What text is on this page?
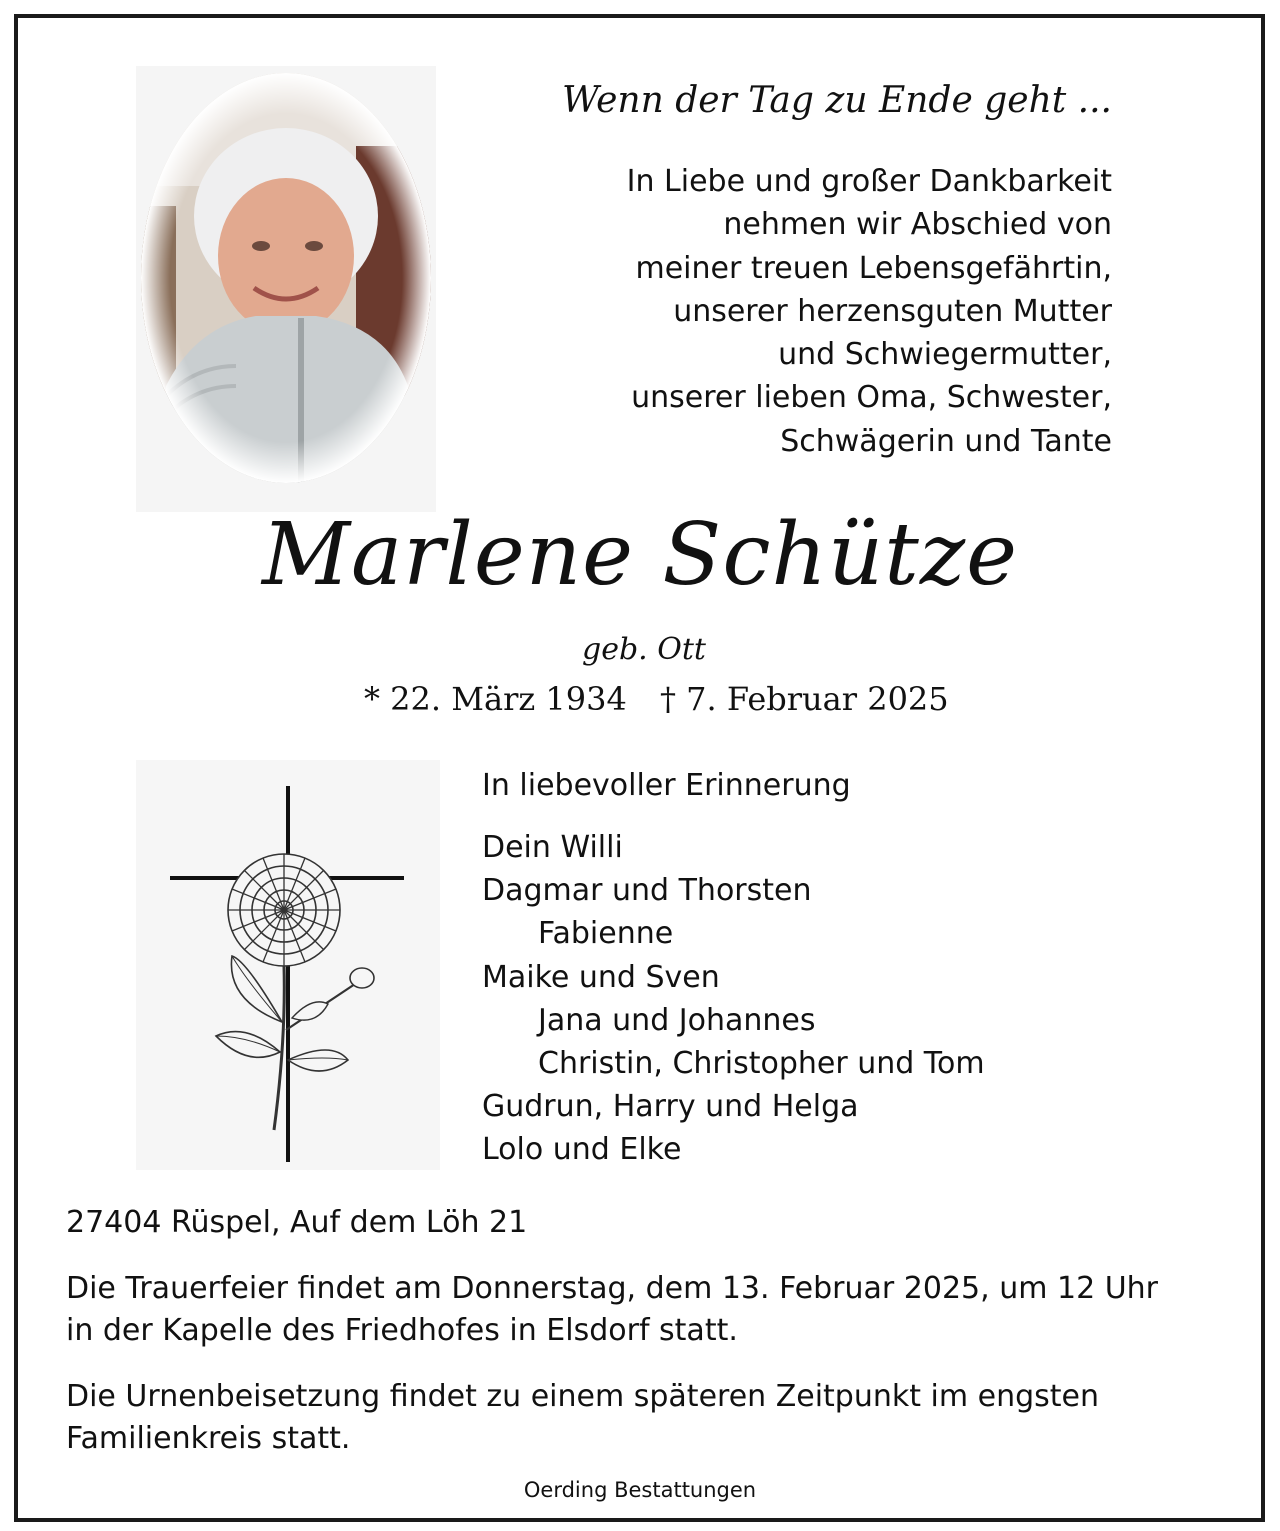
Wenn der Tag zu Ende geht ...
In Liebe und großer Dankbarkeit
nehmen wir Abschied von
meiner treuen Lebensgefährtin,
unserer herzensguten Mutter
und Schwiegermutter,
unserer lieben Oma, Schwester,
Schwägerin und Tante
Marlene Schütze
geb. Ott
* 22. März 1934 † 7. Februar 2025
In liebevoller Erinnerung
Dein Willi
Dagmar und Thorsten
Fabienne
Maike und Sven
Jana und Johannes
Christin, Christopher und Tom
Gudrun, Harry und Helga
Lolo und Elke
27404 Rüspel, Auf dem Löh 21
Die Trauerfeier findet am Donnerstag, dem 13. Februar 2025, um 12 Uhr
in der Kapelle des Friedhofes in Elsdorf statt.
Die Urnenbeisetzung findet zu einem späteren Zeitpunkt im engsten
Familienkreis statt.
Oerding Bestattungen
